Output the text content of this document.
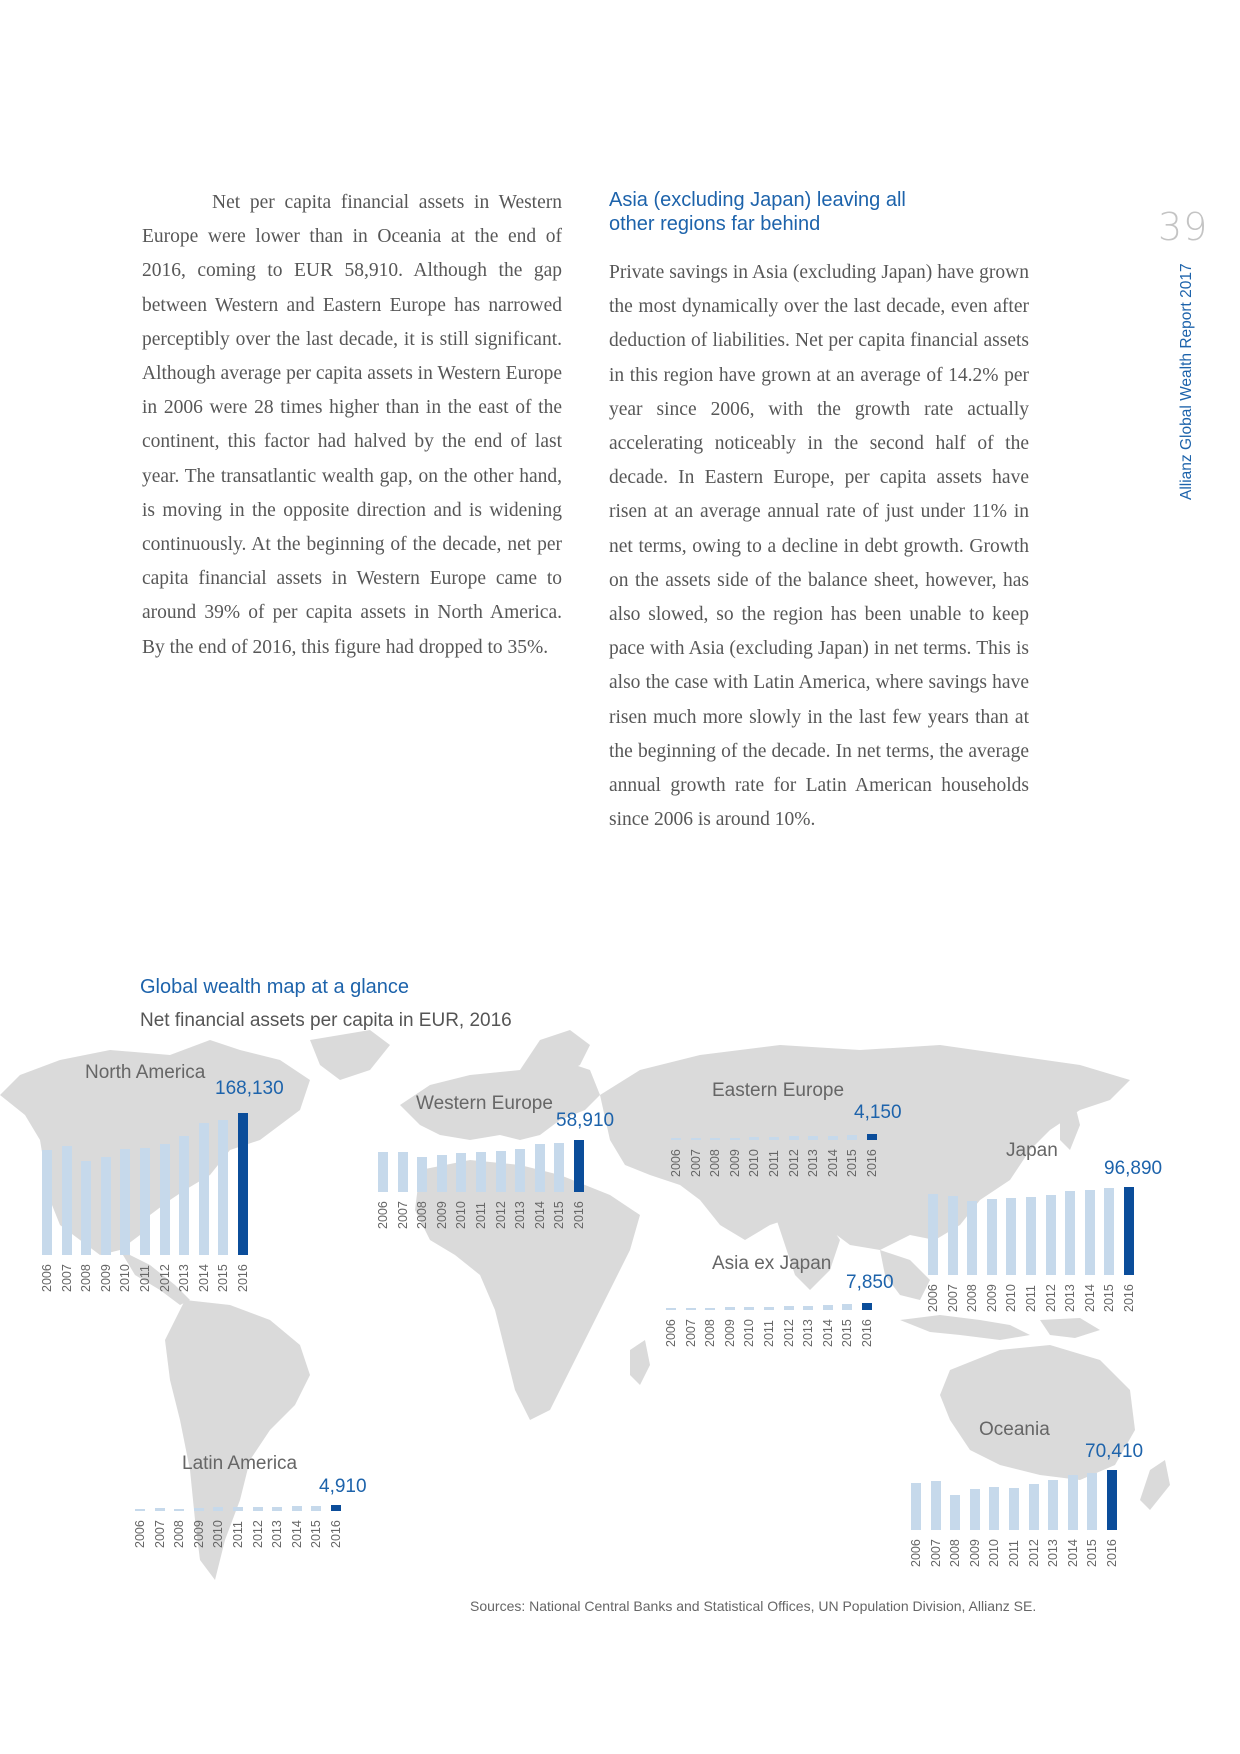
39
Allianz Global Wealth Report 2017
Net per capita financial assets in Western Europe were lower than in Oceania at the end of 2016, coming to EUR 58,910. Although the gap between Western and Eastern Europe has narrowed perceptibly over the last decade, it is still significant. Although average per capita assets in Western Europe in 2006 were 28 times higher than in the east of the continent, this factor had halved by the end of last year. The transatlantic wealth gap, on the other hand, is moving in the opposite direction and is widening continuously. At the beginning of the decade, net per capita financial assets in Western Europe came to around 39% of per capita assets in North America. By the end of 2016, this figure had dropped to 35%.
Asia (excluding Japan) leaving all other regions far behind
Private savings in Asia (excluding Japan) have grown the most dynamically over the last decade, even after deduction of liabilities. Net per capita financial assets in this region have grown at an average of 14.2% per year since 2006, with the growth rate actually accelerating noticeably in the second half of the decade. In Eastern Europe, per capita assets have risen at an average annual rate of just under 11% in net terms, owing to a decline in debt growth. Growth on the assets side of the balance sheet, however, has also slowed, so the region has been unable to keep pace with Asia (excluding Japan) in net terms. This is also the case with Latin America, where savings have risen much more slowly in the last few years than at the beginning of the decade. In net terms, the average annual growth rate for Latin American households since 2006 is around 10%.
Global wealth map at a glance
Net financial assets per capita in EUR, 2016
North America
168,130
2006 2007 2008 2009 2010 2011 2012 2013 2014 2015 2016
Western Europe
58,910
2006 2007 2008 2009 2010 2011 2012 2013 2014 2015 2016
Eastern Europe
4,150
2006 2007 2008 2009 2010 2011 2012 2013 2014 2015 2016	Japan
96,890
2006 2007 2008 2009 2010 2011 2012 2013 2014 2015 2016
Asia ex Japan
7,850
2006 2007 2008 2009 2010 2011 2012 2013 2014 2015 2016
Latin America
4,910
2006 2007 2008 2009 2010 2011 2012 2013 2014 2015 2016
Oceania
70,410
2006 2007 2008 2009 2010 2011 2012 2013 2014 2015 2016
Sources: National Central Banks and Statistical Offices, UN Population Division, Allianz SE.
